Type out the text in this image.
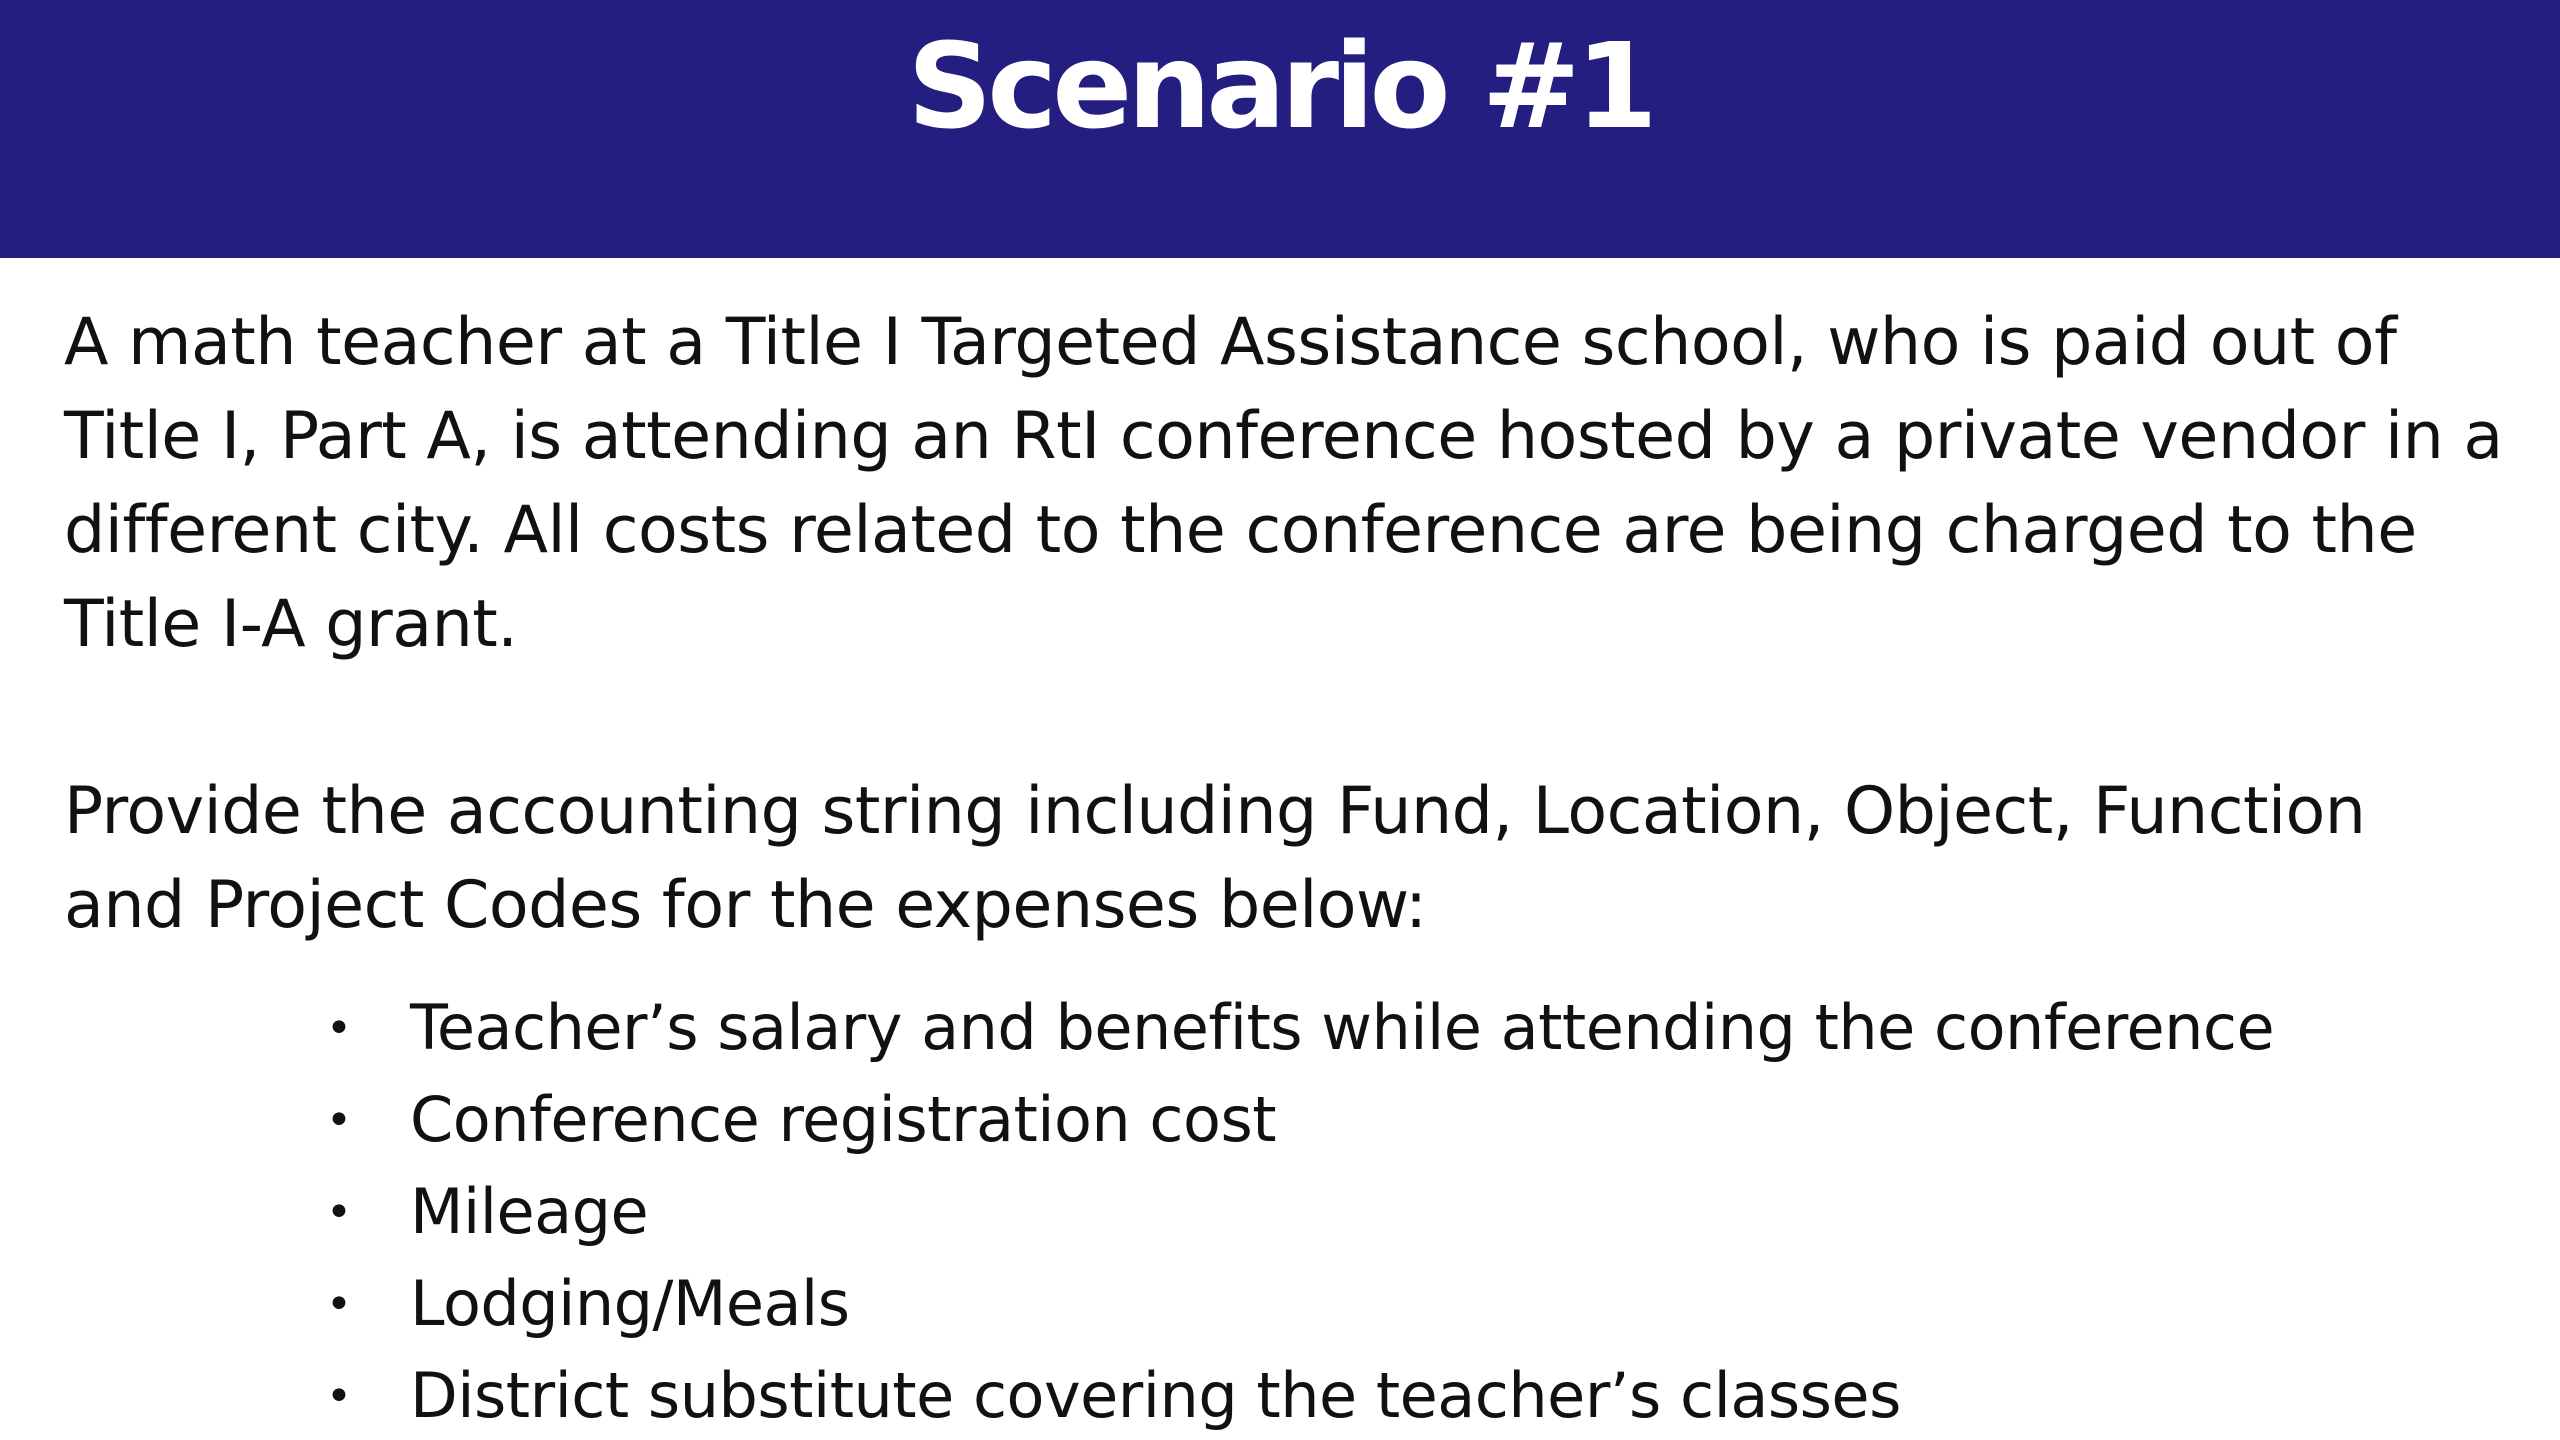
Scenario #1

A math teacher at a Title I Targeted Assistance school, who is paid out of Title I, Part A, is attending an RtI conference hosted by a private vendor in a different city. All costs related to the conference are being charged to the Title I-A grant.

Provide the accounting string including Fund, Location, Object, Function and Project Codes for the expenses below:

• Teacher’s salary and benefits while attending the conference
• Conference registration cost
• Mileage
• Lodging/Meals
• District substitute covering the teacher’s classes
